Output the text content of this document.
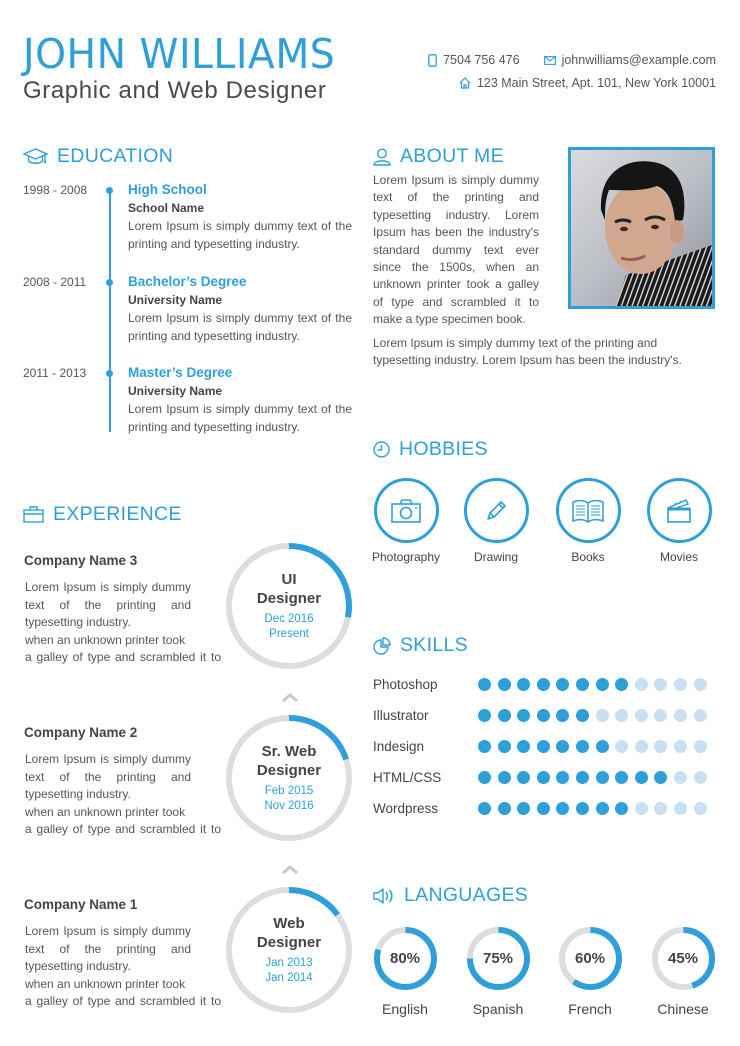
JOHN WILLIAMS
Graphic and Web Designer
7504 756 476	johnwilliams@example.com
123 Main Street, Apt. 101, New York 10001
EDUCATION
1998 - 2008	High School
School Name
Lorem Ipsum is simply dummy text of the printing and typesetting industry.
2008 - 2011	Bachelor’s Degree
University Name
Lorem Ipsum is simply dummy text of the printing and typesetting industry.
2011 - 2013	Master’s Degree
University Name
Lorem Ipsum is simply dummy text of the printing and typesetting industry.
ABOUT ME
Lorem Ipsum is simply dummy text of the printing and typesetting industry. Lorem Ipsum has been the industry's standard dummy text ever since the 1500s, when an unknown printer took a galley of type and scrambled it to make a type specimen book.
Lorem Ipsum is simply dummy text of the printing and typesetting industry. Lorem Ipsum has been the industry's.
HOBBIES
Photography	Drawing	Books	Movies
SKILLS
Photoshop
Illustrator
Indesign
HTML/CSS
Wordpress
LANGUAGES
80%
English
75%
Spanish
60%
French
45%
Chinese
EXPERIENCE
Company Name 3
Lorem Ipsum is simply dummy
text of the printing and
typesetting industry.
when an unknown printer took
a galley of type and scrambled it to
UI
Designer
Dec 2016
Present
Company Name 2
Lorem Ipsum is simply dummy
text of the printing and
typesetting industry.
when an unknown printer took
a galley of type and scrambled it to
Sr. Web
Designer
Feb 2015
Nov 2016
Company Name 1
Lorem Ipsum is simply dummy
text of the printing and
typesetting industry.
when an unknown printer took
a galley of type and scrambled it to
Web
Designer
Jan 2013
Jan 2014
